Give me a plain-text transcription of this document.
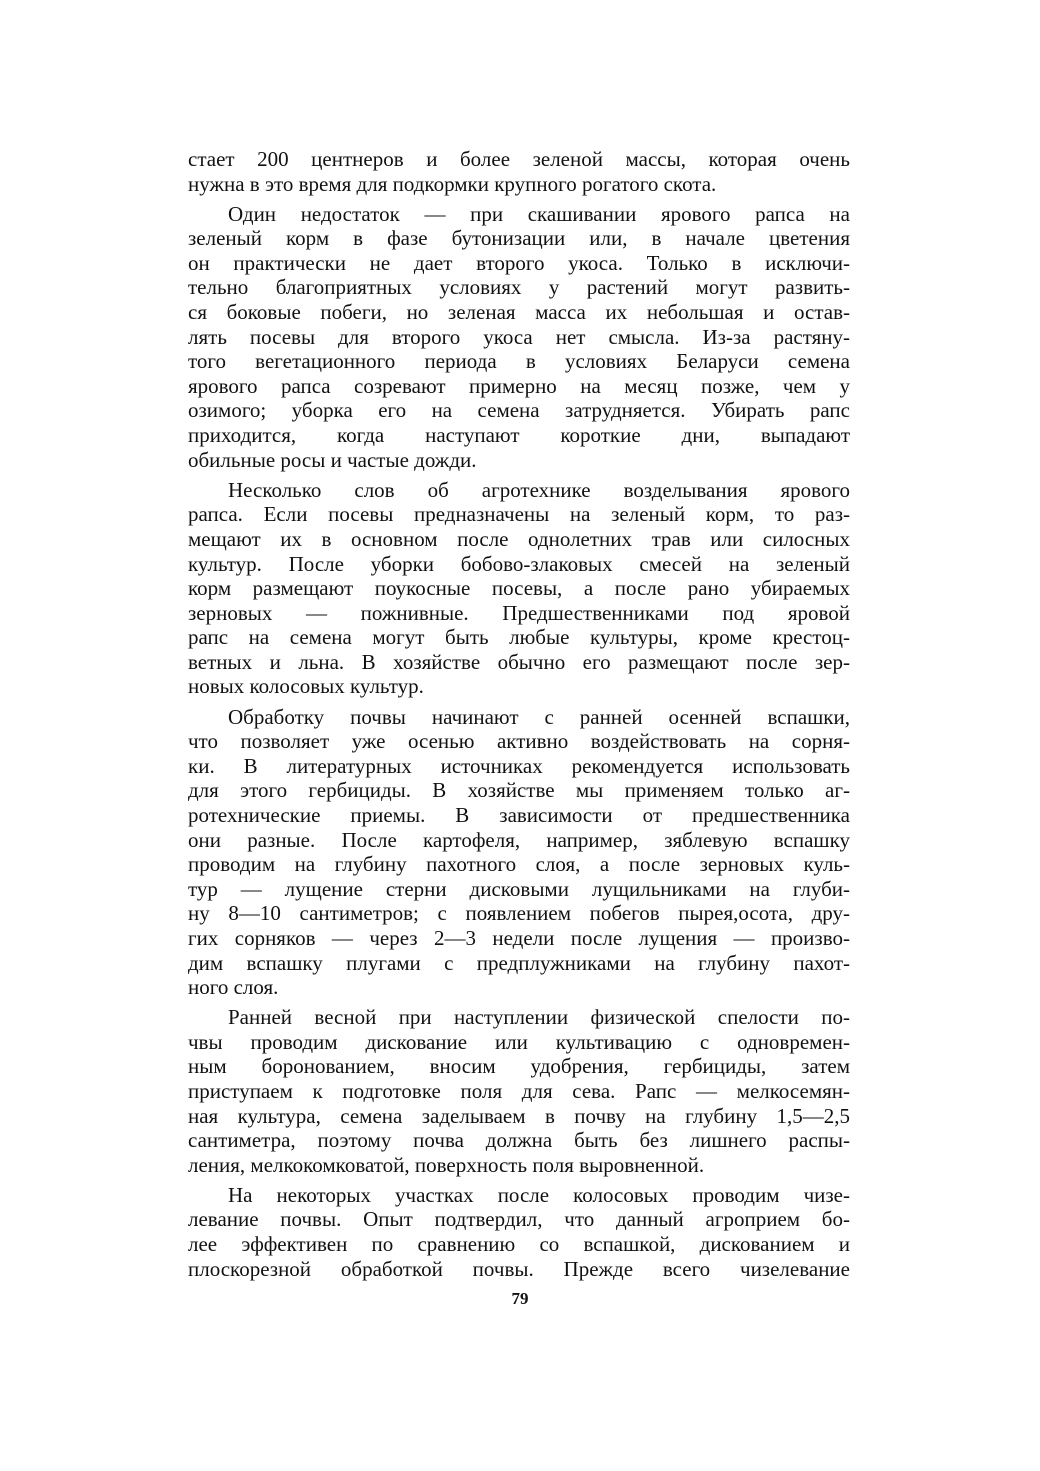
стает 200 центнеров и более зеленой массы, которая очень
нужна в это время для подкормки крупного рогатого скота.
Один недостаток — при скашивании ярового рапса на
зеленый корм в фазе бутонизации или, в начале цветения
он практически не дает второго укоса. Только в исключи-
тельно благоприятных условиях у растений могут развить-
ся боковые побеги, но зеленая масса их небольшая и остав-
лять посевы для второго укоса нет смысла. Из-за растяну-
того вегетационного периода в условиях Беларуси семена
ярового рапса созревают примерно на месяц позже, чем у
озимого; уборка его на семена затрудняется. Убирать рапс
приходится, когда наступают короткие дни, выпадают
обильные росы и частые дожди.
Несколько слов об агротехнике возделывания ярового
рапса. Если посевы предназначены на зеленый корм, то раз-
мещают их в основном после однолетних трав или силосных
культур. После уборки бобово-злаковых смесей на зеленый
корм размещают поукосные посевы, а после рано убираемых
зерновых — пожнивные. Предшественниками под яровой
рапс на семена могут быть любые культуры, кроме крестоц-
ветных и льна. В хозяйстве обычно его размещают после зер-
новых колосовых культур.
Обработку почвы начинают с ранней осенней вспашки,
что позволяет уже осенью активно воздействовать на сорня-
ки. В литературных источниках рекомендуется использовать
для этого гербициды. В хозяйстве мы применяем только аг-
ротехнические приемы. В зависимости от предшественника
они разные. После картофеля, например, зяблевую вспашку
проводим на глубину пахотного слоя, а после зерновых куль-
тур — лущение стерни дисковыми лущильниками на глуби-
ну 8—10 сантиметров; с появлением побегов пырея,осота, дру-
гих сорняков — через 2—3 недели после лущения — произво-
дим вспашку плугами с предплужниками на глубину пахот-
ного слоя.
Ранней весной при наступлении физической спелости по-
чвы проводим дискование или культивацию с одновремен-
ным боронованием, вносим удобрения, гербициды, затем
приступаем к подготовке поля для сева. Рапс — мелкосемян-
ная культура, семена заделываем в почву на глубину 1,5—2,5
сантиметра, поэтому почва должна быть без лишнего распы-
ления, мелкокомковатой, поверхность поля выровненной.
На некоторых участках после колосовых проводим чизе-
левание почвы. Опыт подтвердил, что данный агроприем бо-
лее эффективен по сравнению со вспашкой, дискованием и
плоскорезной обработкой почвы. Прежде всего чизелевание
79
